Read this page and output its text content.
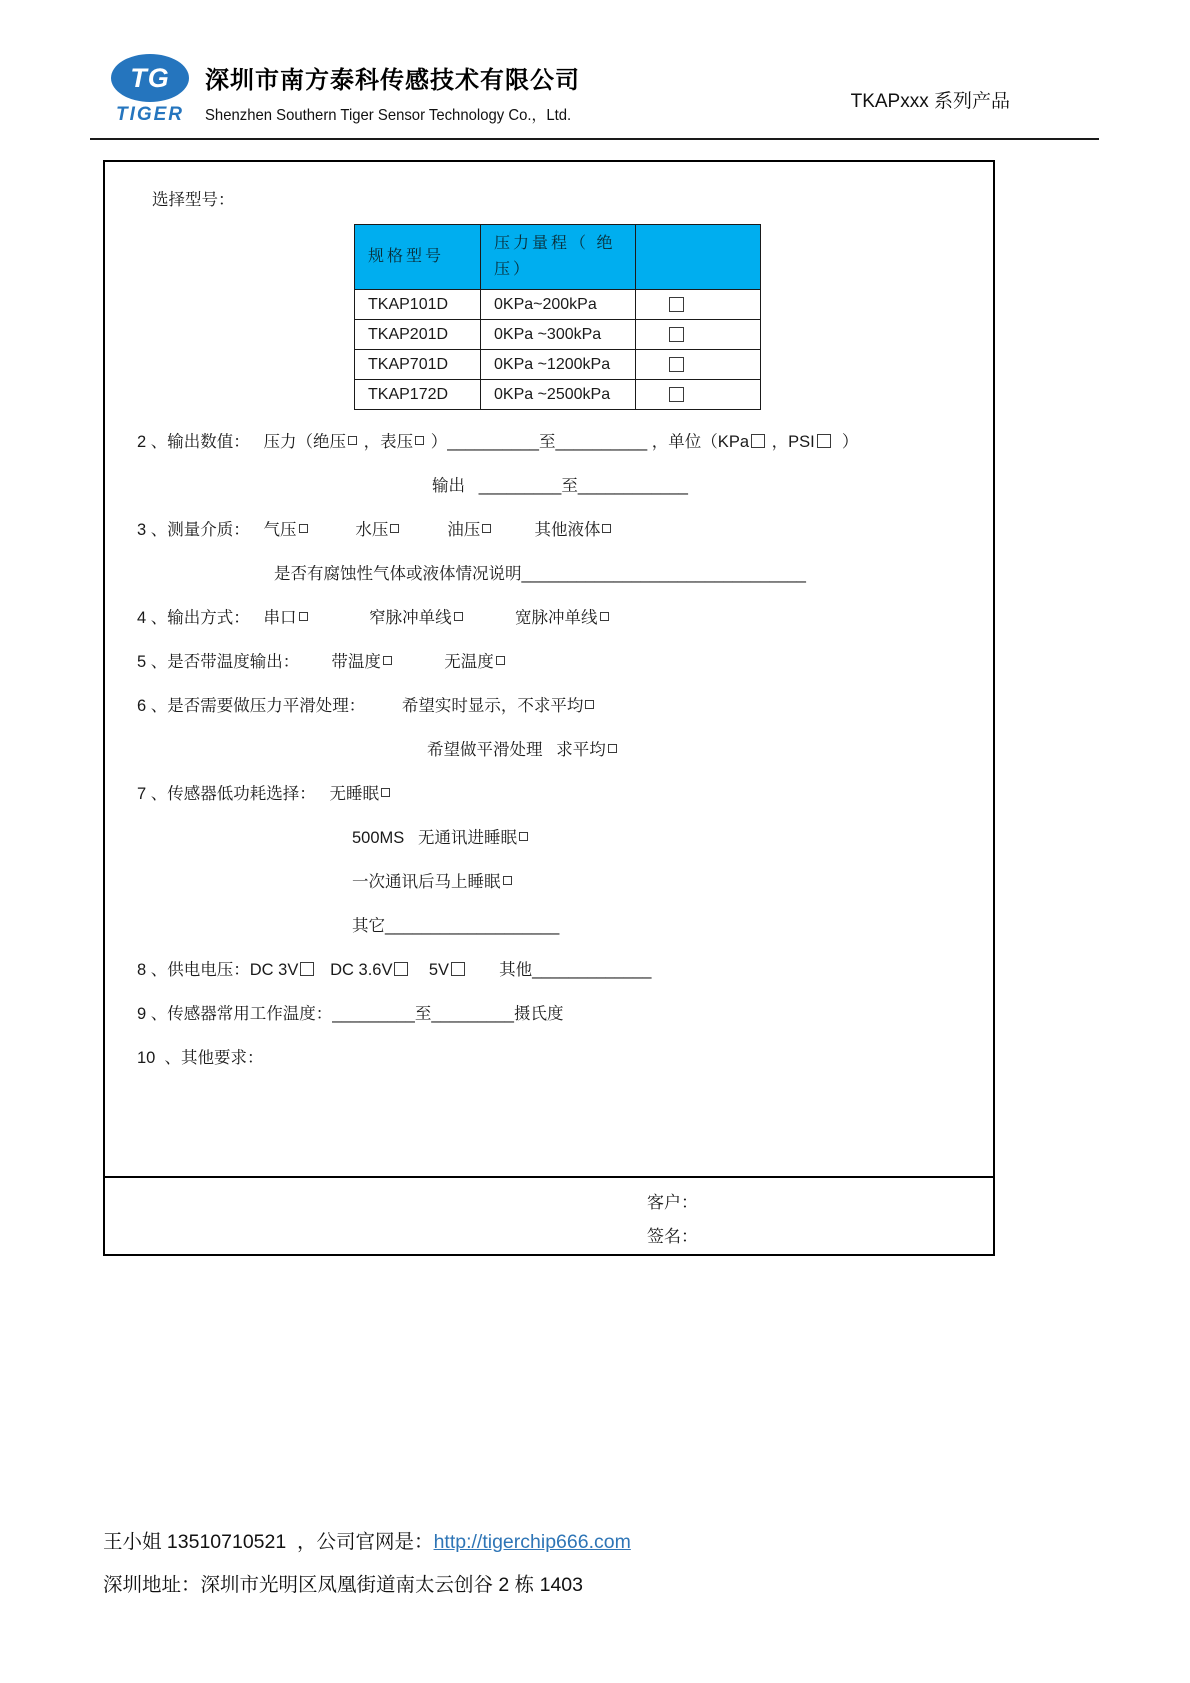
TG
TIGER
深圳市南方泰科传感技术有限公司
Shenzhen Southern Tiger Sensor Technology Co.，Ltd.
TKAPxxx 系列产品
选择型号：
规格型号	压力量程（ 绝压）	
TKAP101D	0KPa~200kPa	
TKAP201D	0KPa ~300kPa	
TKAP701D	0KPa ~1200kPa	
TKAP172D	0KPa ~2500kPa	
2 、输出数值：   压力（绝压 ，表压 ）__________至__________ ，单位（KPa ，PSI  ）
输出   _________至____________
3 、测量介质：   气压          水压          油压         其他液体
是否有腐蚀性气体或液体情况说明_______________________________
4 、输出方式：   串口             窄脉冲单线           宽脉冲单线
5 、是否带温度输出：       带温度           无温度
6 、是否需要做压力平滑处理：        希望实时显示，不求平均
希望做平滑处理   求平均
7 、传感器低功耗选择：   无睡眠
500MS   无通讯进睡眠
一次通讯后马上睡眠
其它___________________
8 、供电电压：DC 3V   DC 3.6V    5V       其他_____________
9 、传感器常用工作温度：_________至_________摄氏度
10  、其他要求：
客户：
签名：
王小姐 13510710521  ，公司官网是：http://tigerchip666.com
深圳地址：深圳市光明区凤凰街道南太云创谷 2 栋 1403
